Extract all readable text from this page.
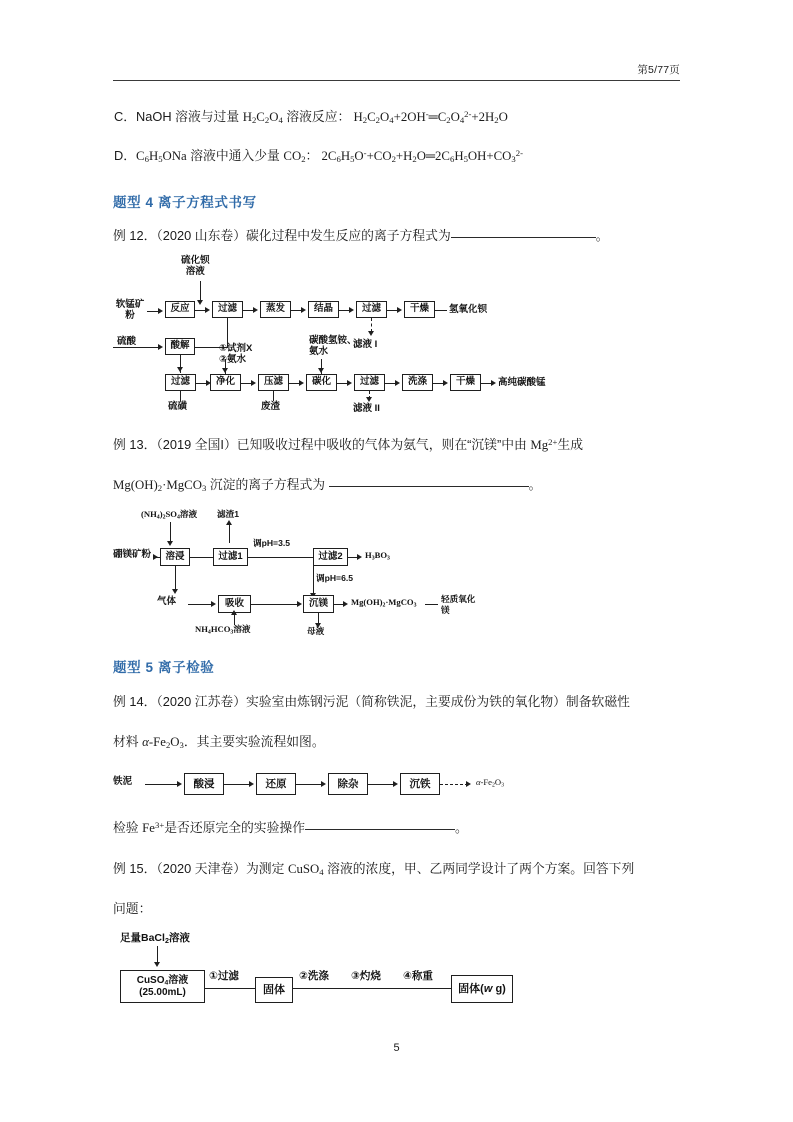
第5/77页
C．NaOH 溶液与过量 $H_2C_2O_4$ 溶液反应： $H_2C_2O_4+2OH^-═C_2O_4^{2-}+2H_2O$
D．$C_6H_5ONa$ 溶液中通入少量 $CO_2$： $2C_6H_5O^-+CO_2+H_2O═2C_6H_5OH+CO_3^{2-}$
题型 4 离子方程式书写
例 12．（2020 山东卷）碳化过程中发生反应的离子方程式为	。
硫化钡
溶液
软锰矿
粉
反应	过滤	蒸发	结晶	过滤	干燥	氢氧化钡
滤液 I
硫酸	酸解	①试剂X
②氨水
碳酸氢铵、
氨水
过滤	净化	压滤	碳化	过滤	洗涤	干燥	高纯碳酸锰
硫磺	废渣	滤液 II
例 13．（2019 全国I）已知吸收过程中吸收的气体为氨气，则在“沉镁”中由 $Mg^{2+}$生成
$Mg(OH)_2\cdot MgCO_3$ 沉淀的离子方程式为	。
$(NH_4)_2SO_4$溶液 滤渣1
硼镁矿粉	溶浸	过滤1
调pH=3.5
过滤2	$H_3BO_3$
调pH=6.5
气体	吸收	沉镁	$Mg(OH)_2\cdot MgCO_3$
轻质氧化
镁
$NH_4HCO_3$溶液	母液
题型 5 离子检验
例 14．（2020 江苏卷）实验室由炼钢污泥（简称铁泥，主要成份为铁的氧化物）制备软磁性
材料 $\alpha-Fe_2O_3$．其主要实验流程如图。
铁泥	酸浸	还原	除杂	沉铁	$\alpha-Fe_2O_3$
检验 $Fe^{3+}$是否还原完全的实验操作	。
例 15．（2020 天津卷）为测定 CuSO$_4$ 溶液的浓度，甲、乙两同学设计了两个方案。回答下列
问题：
足量BaCl$_2$溶液
CuSO$_4$溶液
(25.00mL)
①过滤
固体
②洗涤 ③灼烧 ④称重
固体(w g)
5
